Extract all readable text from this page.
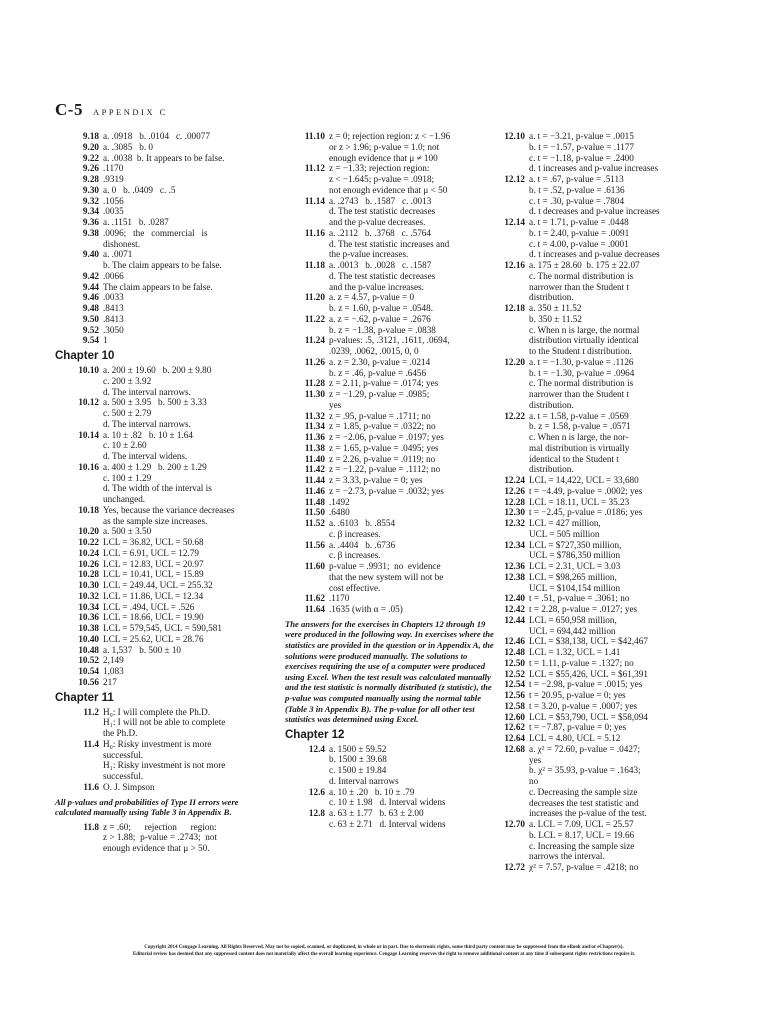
C-5 APPENDIX C
9.18 a. .0918   b. .0104   c. .00077
9.20 a. .3085   b. 0
9.22 a. .0038  b. It appears to be false.
9.26 .1170
9.28 .9319
9.30 a. 0   b. .0409   c. .5
9.32 .1056
9.34 .0035
9.36 a. .1151   b. .0287
9.38 .0096;   the   commercial   is
dishonest.
9.40 a. .0071
b. The claim appears to be false.
9.42 .0066
9.44 The claim appears to be false.
9.46 .0033
9.48 .8413
9.50 .8413
9.52 .3050
9.54 1
Chapter 10
10.10 a. 200 ± 19.60   b. 200 ± 9.80
c. 200 ± 3.92
d. The interval narrows.
10.12 a. 500 ± 3.95   b. 500 ± 3.33
c. 500 ± 2.79
d. The interval narrows.
10.14 a. 10 ± .82   b. 10 ± 1.64
c. 10 ± 2.60
d. The interval widens.
10.16 a. 400 ± 1.29   b. 200 ± 1.29
c. 100 ± 1.29
d. The width of the interval is
unchanged.
10.18 Yes, because the variance decreases
as the sample size increases.
10.20 a. 500 ± 3.50
10.22 LCL = 36.82, UCL = 50.68
10.24 LCL = 6.91, UCL = 12.79
10.26 LCL = 12.83, UCL = 20.97
10.28 LCL = 10.41, UCL = 15.89
10.30 LCL = 249.44, UCL = 255.32
10.32 LCL = 11.86, UCL = 12.34
10.34 LCL = .494, UCL = .526
10.36 LCL = 18.66, UCL = 19.90
10.38 LCL = 579,545, UCL = 590,581
10.40 LCL = 25.62, UCL = 28.76
10.48 a. 1,537   b. 500 ± 10
10.52 2,149
10.54 1,083
10.56 217
Chapter 11
11.2 H₀: I will complete the Ph.D.
H₁: I will not be able to complete
the Ph.D.
11.4 H₀: Risky investment is more
successful.
H₁: Risky investment is not more
successful.
11.6 O. J. Simpson
All p-values and probabilities of Type II errors were calculated manually using Table 3 in Appendix B.
11.8 z = .60;      rejection      region:
z > 1.88;  p-value = .2743;  not
enough evidence that μ > 50.
11.10 z = 0; rejection region: z < −1.96
or z > 1.96; p-value = 1.0; not
enough evidence that μ ≠ 100
11.12 z = −1.33; rejection region:
z < −1.645; p-value = .0918;
not enough evidence that μ < 50
11.14 a. .2743   b. .1587   c. .0013
d. The test statistic decreases
and the p-value decreases.
11.16 a. .2112   b. .3768   c. .5764
d. The test statistic increases and
the p-value increases.
11.18 a. .0013   b. .0028   c. .1587
d. The test statistic decreases
and the p-value increases.
11.20 a. z = 4.57, p-value = 0
b. z = 1.60, p-value = .0548.
11.22 a. z = −.62, p-value = .2676
b. z = −1.38, p-value = .0838
11.24 p-values: .5, .3121, .1611, .0694,
.0239, .0062, .0015, 0, 0
11.26 a. z = 2.30, p-value = .0214
b. z = .46, p-value = .6456
11.28 z = 2.11, p-value = .0174; yes
11.30 z = −1.29, p-value = .0985;
yes
11.32 z = .95, p-value = .1711; no
11.34 z = 1.85, p-value = .0322; no
11.36 z = −2.06, p-value = .0197; yes
11.38 z = 1.65, p-value = .0495; yes
11.40 z = 2.26, p-value = .0119; no
11.42 z = −1.22, p-value = .1112; no
11.44 z = 3.33, p-value = 0; yes
11.46 z = −2.73, p-value = .0032; yes
11.48 .1492
11.50 .6480
11.52 a. .6103   b. .8554
c. β increases.
11.56 a. .4404   b. .6736
c. β increases.
11.60 p-value = .9931;  no  evidence
that the new system will not be
cost effective.
11.62 .1170
11.64 .1635 (with α = .05)
The answers for the exercises in Chapters 12 through 19 were produced in the following way. In exercises where the statistics are provided in the question or in Appendix A, the solutions were produced manually. The solutions to exercises requiring the use of a computer were produced using Excel. When the test result was calculated manually and the test statistic is normally distributed (z statistic), the p-value was computed manually using the normal table (Table 3 in Appendix B). The p-value for all other test statistics was determined using Excel.
Chapter 12
12.4 a. 1500 ± 59.52
b. 1500 ± 39.68
c. 1500 ± 19.84
d. Interval narrows
12.6 a. 10 ± .20   b. 10 ± .79
c. 10 ± 1.98   d. Interval widens
12.8 a. 63 ± 1.77   b. 63 ± 2.00
c. 63 ± 2.71   d. Interval widens
12.10 a. t = −3.21, p-value = .0015
b. t = −1.57, p-value = .1177
c. t = −1.18, p-value = .2400
d. t increases and p-value increases
12.12 a. t = .67, p-value = .5113
b. t = .52, p-value = .6136
c. t = .30, p-value = .7804
d. t decreases and p-value increases
12.14 a. t = 1.71, p-value = .0448
b. t = 2.40, p-value = .0091
c. t = 4.00, p-value = .0001
d. t increases and p-value decreases
12.16 a. 175 ± 28.60  b. 175 ± 22.07
c. The normal distribution is
narrower than the Student t
distribution.
12.18 a. 350 ± 11.52
b. 350 ± 11.52
c. When n is large, the normal
distribution virtually identical
to the Student t distribution.
12.20 a. t = −1.30, p-value = .1126
b. t = −1.30, p-value = .0964
c. The normal distribution is
narrower than the Student t
distribution.
12.22 a. t = 1.58, p-value = .0569
b. z = 1.58, p-value = .0571
c. When n is large, the nor-
mal distribution is virtually
identical to the Student t
distribution.
12.24 LCL = 14,422, UCL = 33,680
12.26 t = −4.49, p-value = .0002; yes
12.28 LCL = 18.11, UCL = 35.23
12.30 t = −2.45, p-value = .0186; yes
12.32 LCL = 427 million,
UCL = 505 million
12.34 LCL = $727,350 million,
UCL = $786,350 million
12.36 LCL = 2.31, UCL = 3.03
12.38 LCL = $98,265 million,
UCL = $104,154 million
12.40 t = .51, p-value = .3061; no
12.42 t = 2.28, p-value = .0127; yes
12.44 LCL = 650,958 million,
UCL = 694,442 million
12.46 LCL = $38,138, UCL = $42,467
12.48 LCL = 1.32, UCL = 1.41
12.50 t = 1.11, p-value = .1327; no
12.52 LCL = $55,426, UCL = $61,391
12.54 t = −2.98, p-value = .0015; yes
12.56 t = 20.95, p-value = 0; yes
12.58 t = 3.20, p-value = .0007; yes
12.60 LCL = $53,790, UCL = $58,094
12.62 t = −7.87, p-value = 0; yes
12.64 LCL = 4.80, UCL = 5.12
12.68 a. χ² = 72.60, p-value = .0427;
yes
b. χ² = 35.93, p-value = .1643;
no
c. Decreasing the sample size
decreases the test statistic and
increases the p-value of the test.
12.70 a. LCL = 7.09, UCL = 25.57
b. LCL = 8.17, UCL = 19.66
c. Increasing the sample size
narrows the interval.
12.72 χ² = 7.57, p-value = .4218; no
Copyright 2014 Cengage Learning. All Rights Reserved. May not be copied, scanned, or duplicated, in whole or in part. Due to electronic rights, some third party content may be suppressed from the eBook and/or eChapter(s).
Editorial review has deemed that any suppressed content does not materially affect the overall learning experience. Cengage Learning reserves the right to remove additional content at any time if subsequent rights restrictions require it.
